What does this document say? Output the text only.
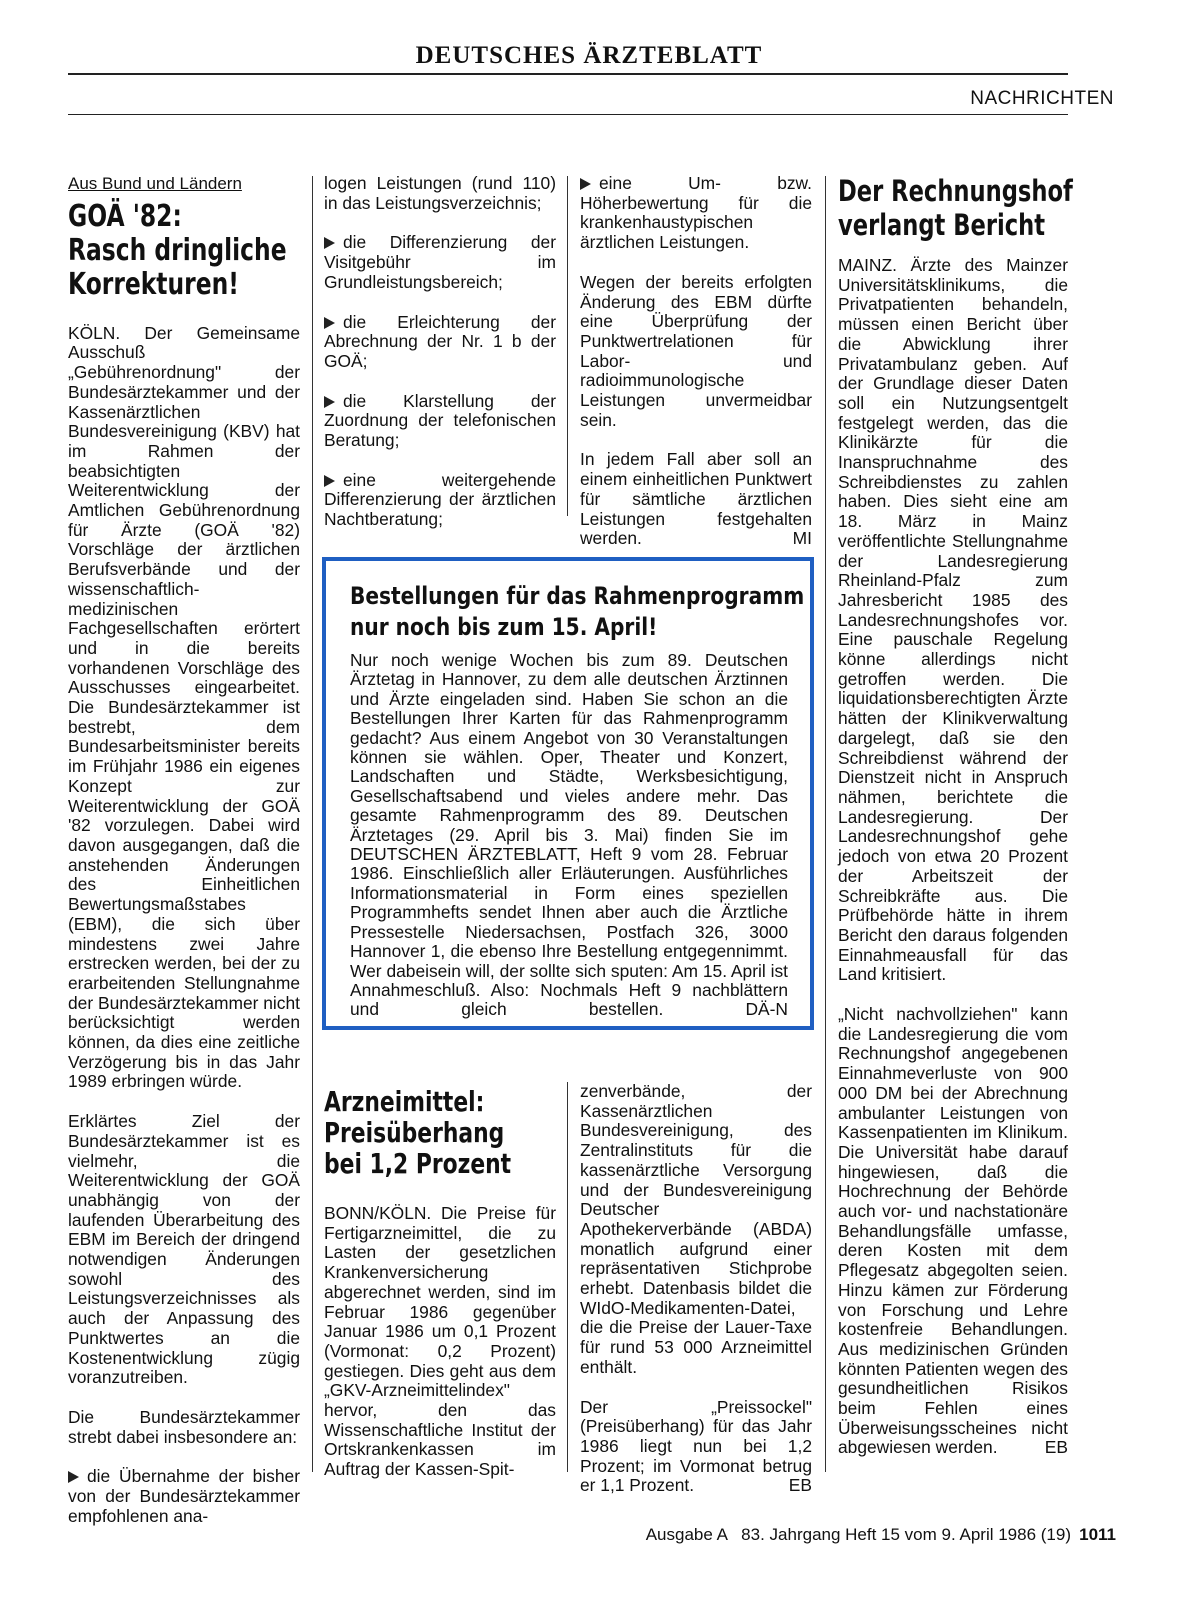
DEUTSCHES ÄRZTEBLATT
NACHRICHTEN
Aus Bund und Ländern
GOÄ '82:
Rasch dringliche
Korrekturen!

KÖLN. Der Gemeinsame Ausschuß „Gebührenordnung" der Bundesärztekammer und der Kassenärztlichen Bundesvereinigung (KBV) hat im Rahmen der beabsichtigten Weiterentwicklung der Amtlichen Gebührenordnung für Ärzte (GOÄ '82) Vorschläge der ärztlichen Berufsverbände und der wissenschaftlich-medizinischen Fachgesellschaften erörtert und in die bereits vorhandenen Vorschläge des Ausschusses eingearbeitet. Die Bundesärztekammer ist bestrebt, dem Bundesarbeitsminister bereits im Frühjahr 1986 ein eigenes Konzept zur Weiterentwicklung der GOÄ '82 vorzulegen. Dabei wird davon ausgegangen, daß die anstehenden Änderungen des Einheitlichen Bewertungsmaßstabes (EBM), die sich über mindestens zwei Jahre erstrecken werden, bei der zu erarbeitenden Stellungnahme der Bundesärztekammer nicht berücksichtigt werden können, da dies eine zeitliche Verzögerung bis in das Jahr 1989 erbringen würde.

Erklärtes Ziel der Bundesärztekammer ist es vielmehr, die Weiterentwicklung der GOÄ unabhängig von der laufenden Überarbeitung des EBM im Bereich der dringend notwendigen Änderungen sowohl des Leistungsverzeichnisses als auch der Anpassung des Punktwertes an die Kostenentwicklung zügig voranzutreiben.

Die Bundesärztekammer strebt dabei insbesondere an:

die Übernahme der bisher von der Bundesärztekammer empfohlenen ana-

logen Leistungen (rund 110) in das Leistungsverzeichnis;

die Differenzierung der Visitgebühr im Grundleistungsbereich;

die Erleichterung der Abrechnung der Nr. 1 b der GOÄ;

die Klarstellung der Zuordnung der telefonischen Beratung;

eine weitergehende Differenzierung der ärztlichen Nachtberatung;

eine Um- bzw. Höherbewertung für die krankenhaustypischen ärztlichen Leistungen.

Wegen der bereits erfolgten Änderung des EBM dürfte eine Überprüfung der Punktwertrelationen für Labor- und radioimmunologische Leistungen unvermeidbar sein.

In jedem Fall aber soll an einem einheitlichen Punktwert für sämtliche ärztlichen Leistungen festgehalten werden.	MI

Bestellungen für das Rahmenprogramm
nur noch bis zum 15. April!
Nur noch wenige Wochen bis zum 89. Deutschen Ärztetag in Hannover, zu dem alle deutschen Ärztinnen und Ärzte eingeladen sind. Haben Sie schon an die Bestellungen Ihrer Karten für das Rahmenprogramm gedacht? Aus einem Angebot von 30 Veranstaltungen können sie wählen. Oper, Theater und Konzert, Landschaften und Städte, Werksbesichtigung, Gesellschaftsabend und vieles andere mehr. Das gesamte Rahmenprogramm des 89. Deutschen Ärztetages (29. April bis 3. Mai) finden Sie im DEUTSCHEN ÄRZTEBLATT, Heft 9 vom 28. Februar 1986. Einschließlich aller Erläuterungen. Ausführliches Informationsmaterial in Form eines speziellen Programmhefts sendet Ihnen aber auch die Ärztliche Pressestelle Niedersachsen, Postfach 326, 3000 Hannover 1, die ebenso Ihre Bestellung entgegennimmt. Wer dabeisein will, der sollte sich sputen: Am 15. April ist Annahmeschluß. Also: Nochmals Heft 9 nachblättern und gleich bestellen.	DÄ-N
Arzneimittel:
Preisüberhang
bei 1,2 Prozent

BONN/KÖLN. Die Preise für Fertigarzneimittel, die zu Lasten der gesetzlichen Krankenversicherung abgerechnet werden, sind im Februar 1986 gegenüber Januar 1986 um 0,1 Prozent (Vormonat: 0,2 Prozent) gestiegen. Dies geht aus dem „GKV-Arzneimittelindex" hervor, den das Wissenschaftliche Institut der Ortskrankenkassen im Auftrag der Kassen-Spit-

zenverbände, der Kassenärztlichen Bundesvereinigung, des Zentralinstituts für die kassenärztliche Versorgung und der Bundesvereinigung Deutscher Apothekerverbände (ABDA) monatlich aufgrund einer repräsentativen Stichprobe erhebt. Datenbasis bildet die WIdO-Medikamenten-Datei, die die Preise der Lauer-Taxe für rund 53 000 Arzneimittel enthält.

Der „Preissockel" (Preisüberhang) für das Jahr 1986 liegt nun bei 1,2 Prozent; im Vormonat betrug er 1,1 Prozent.	EB

Der Rechnungshof
verlangt Bericht

MAINZ. Ärzte des Mainzer Universitätsklinikums, die Privatpatienten behandeln, müssen einen Bericht über die Abwicklung ihrer Privatambulanz geben. Auf der Grundlage dieser Daten soll ein Nutzungsentgelt festgelegt werden, das die Klinikärzte für die Inanspruchnahme des Schreibdienstes zu zahlen haben. Dies sieht eine am 18. März in Mainz veröffentlichte Stellungnahme der Landesregierung Rheinland-Pfalz zum Jahresbericht 1985 des Landesrechnungshofes vor. Eine pauschale Regelung könne allerdings nicht getroffen werden. Die liquidationsberechtigten Ärzte hätten der Klinikverwaltung dargelegt, daß sie den Schreibdienst während der Dienstzeit nicht in Anspruch nähmen, berichtete die Landesregierung. Der Landesrechnungshof gehe jedoch von etwa 20 Prozent der Arbeitszeit der Schreibkräfte aus. Die Prüfbehörde hätte in ihrem Bericht den daraus folgenden Einnahmeausfall für das Land kritisiert.

„Nicht nachvollziehen" kann die Landesregierung die vom Rechnungshof angegebenen Einnahmeverluste von 900 000 DM bei der Abrechnung ambulanter Leistungen von Kassenpatienten im Klinikum. Die Universität habe darauf hingewiesen, daß die Hochrechnung der Behörde auch vor- und nachstationäre Behandlungsfälle umfasse, deren Kosten mit dem Pflegesatz abgegolten seien. Hinzu kämen zur Förderung von Forschung und Lehre kostenfreie Behandlungen. Aus medizinischen Gründen könnten Patienten wegen des gesundheitlichen Risikos beim Fehlen eines Überweisungsscheines nicht abgewiesen werden.	EB

Ausgabe A   83. Jahrgang Heft 15 vom 9. April 1986 (19) 1011
